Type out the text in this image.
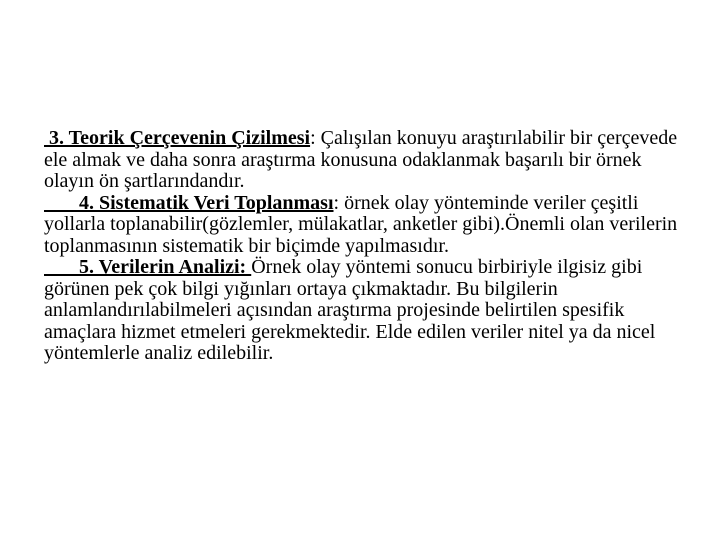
3. Teorik Çerçevenin Çizilmesi: Çalışılan konuyu araştırılabilir bir çerçevede ele almak ve daha sonra araştırma konusuna odaklanmak başarılı bir örnek olayın ön şartlarındandır.

4. Sistematik Veri Toplanması: örnek olay yönteminde veriler çeşitli yollarla toplanabilir(gözlemler, mülakatlar, anketler gibi).Önemli olan verilerin toplanmasının sistematik bir biçimde yapılmasıdır.

5. Verilerin Analizi: Örnek olay yöntemi sonucu birbiriyle ilgisiz gibi görünen pek çok bilgi yığınları ortaya çıkmaktadır. Bu bilgilerin anlamlandırılabilmeleri açısından araştırma projesinde belirtilen spesifik amaçlara hizmet etmeleri gerekmektedir. Elde edilen veriler nitel ya da nicel yöntemlerle analiz edilebilir.
